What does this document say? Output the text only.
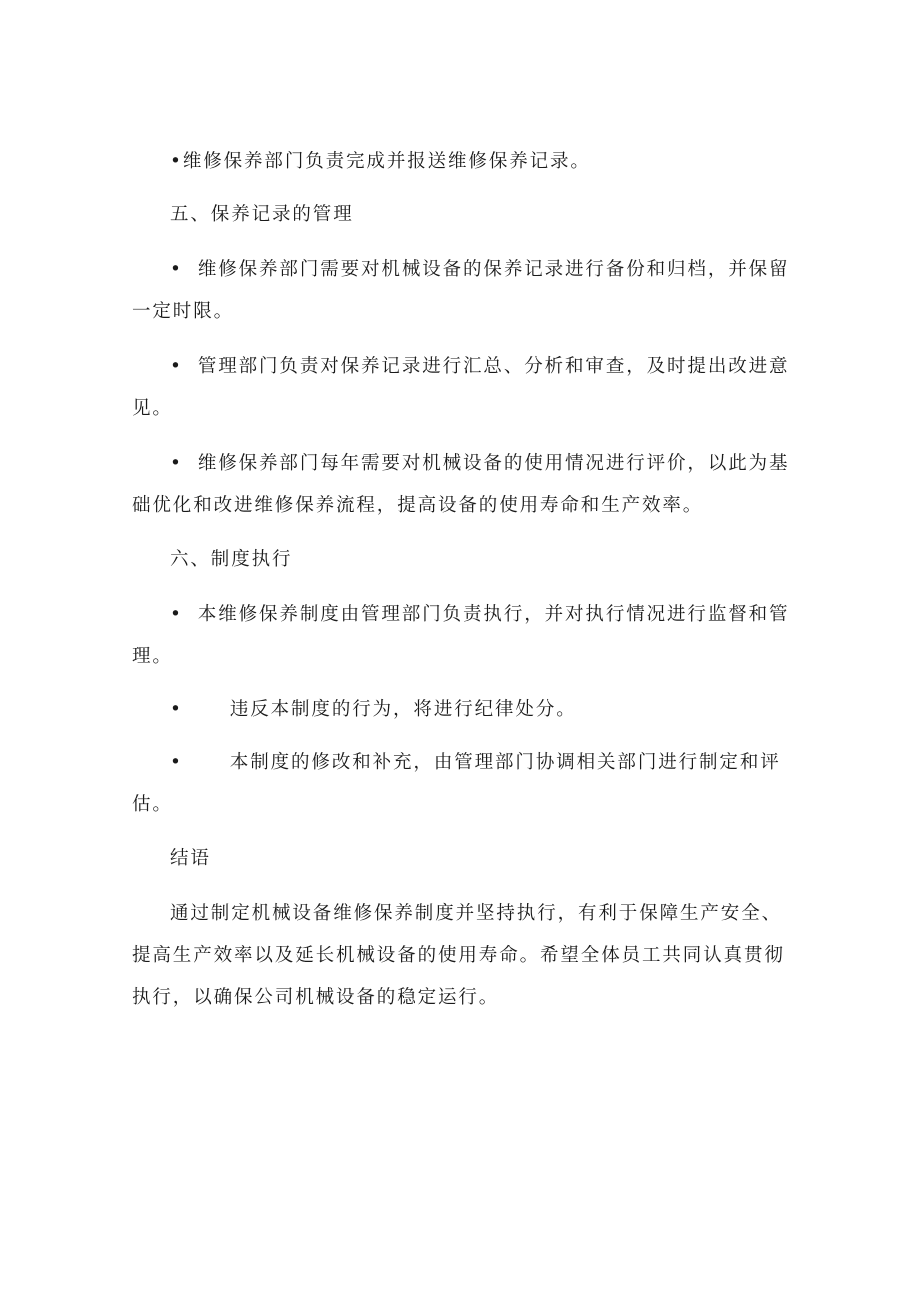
•维修保养部门负责完成并报送维修保养记录。
五、保养记录的管理
• 维修保养部门需要对机械设备的保养记录进行备份和归档，并保留
一定时限。
• 管理部门负责对保养记录进行汇总、分析和审查，及时提出改进意
见。
• 维修保养部门每年需要对机械设备的使用情况进行评价，以此为基
础优化和改进维修保养流程，提高设备的使用寿命和生产效率。
六、制度执行
• 本维修保养制度由管理部门负责执行，并对执行情况进行监督和管
理。
•	违反本制度的行为，将进行纪律处分。
•	本制度的修改和补充，由管理部门协调相关部门进行制定和评
估。
结语
通过制定机械设备维修保养制度并坚持执行，有利于保障生产安全、
提高生产效率以及延长机械设备的使用寿命。希望全体员工共同认真贯彻
执行，以确保公司机械设备的稳定运行。
